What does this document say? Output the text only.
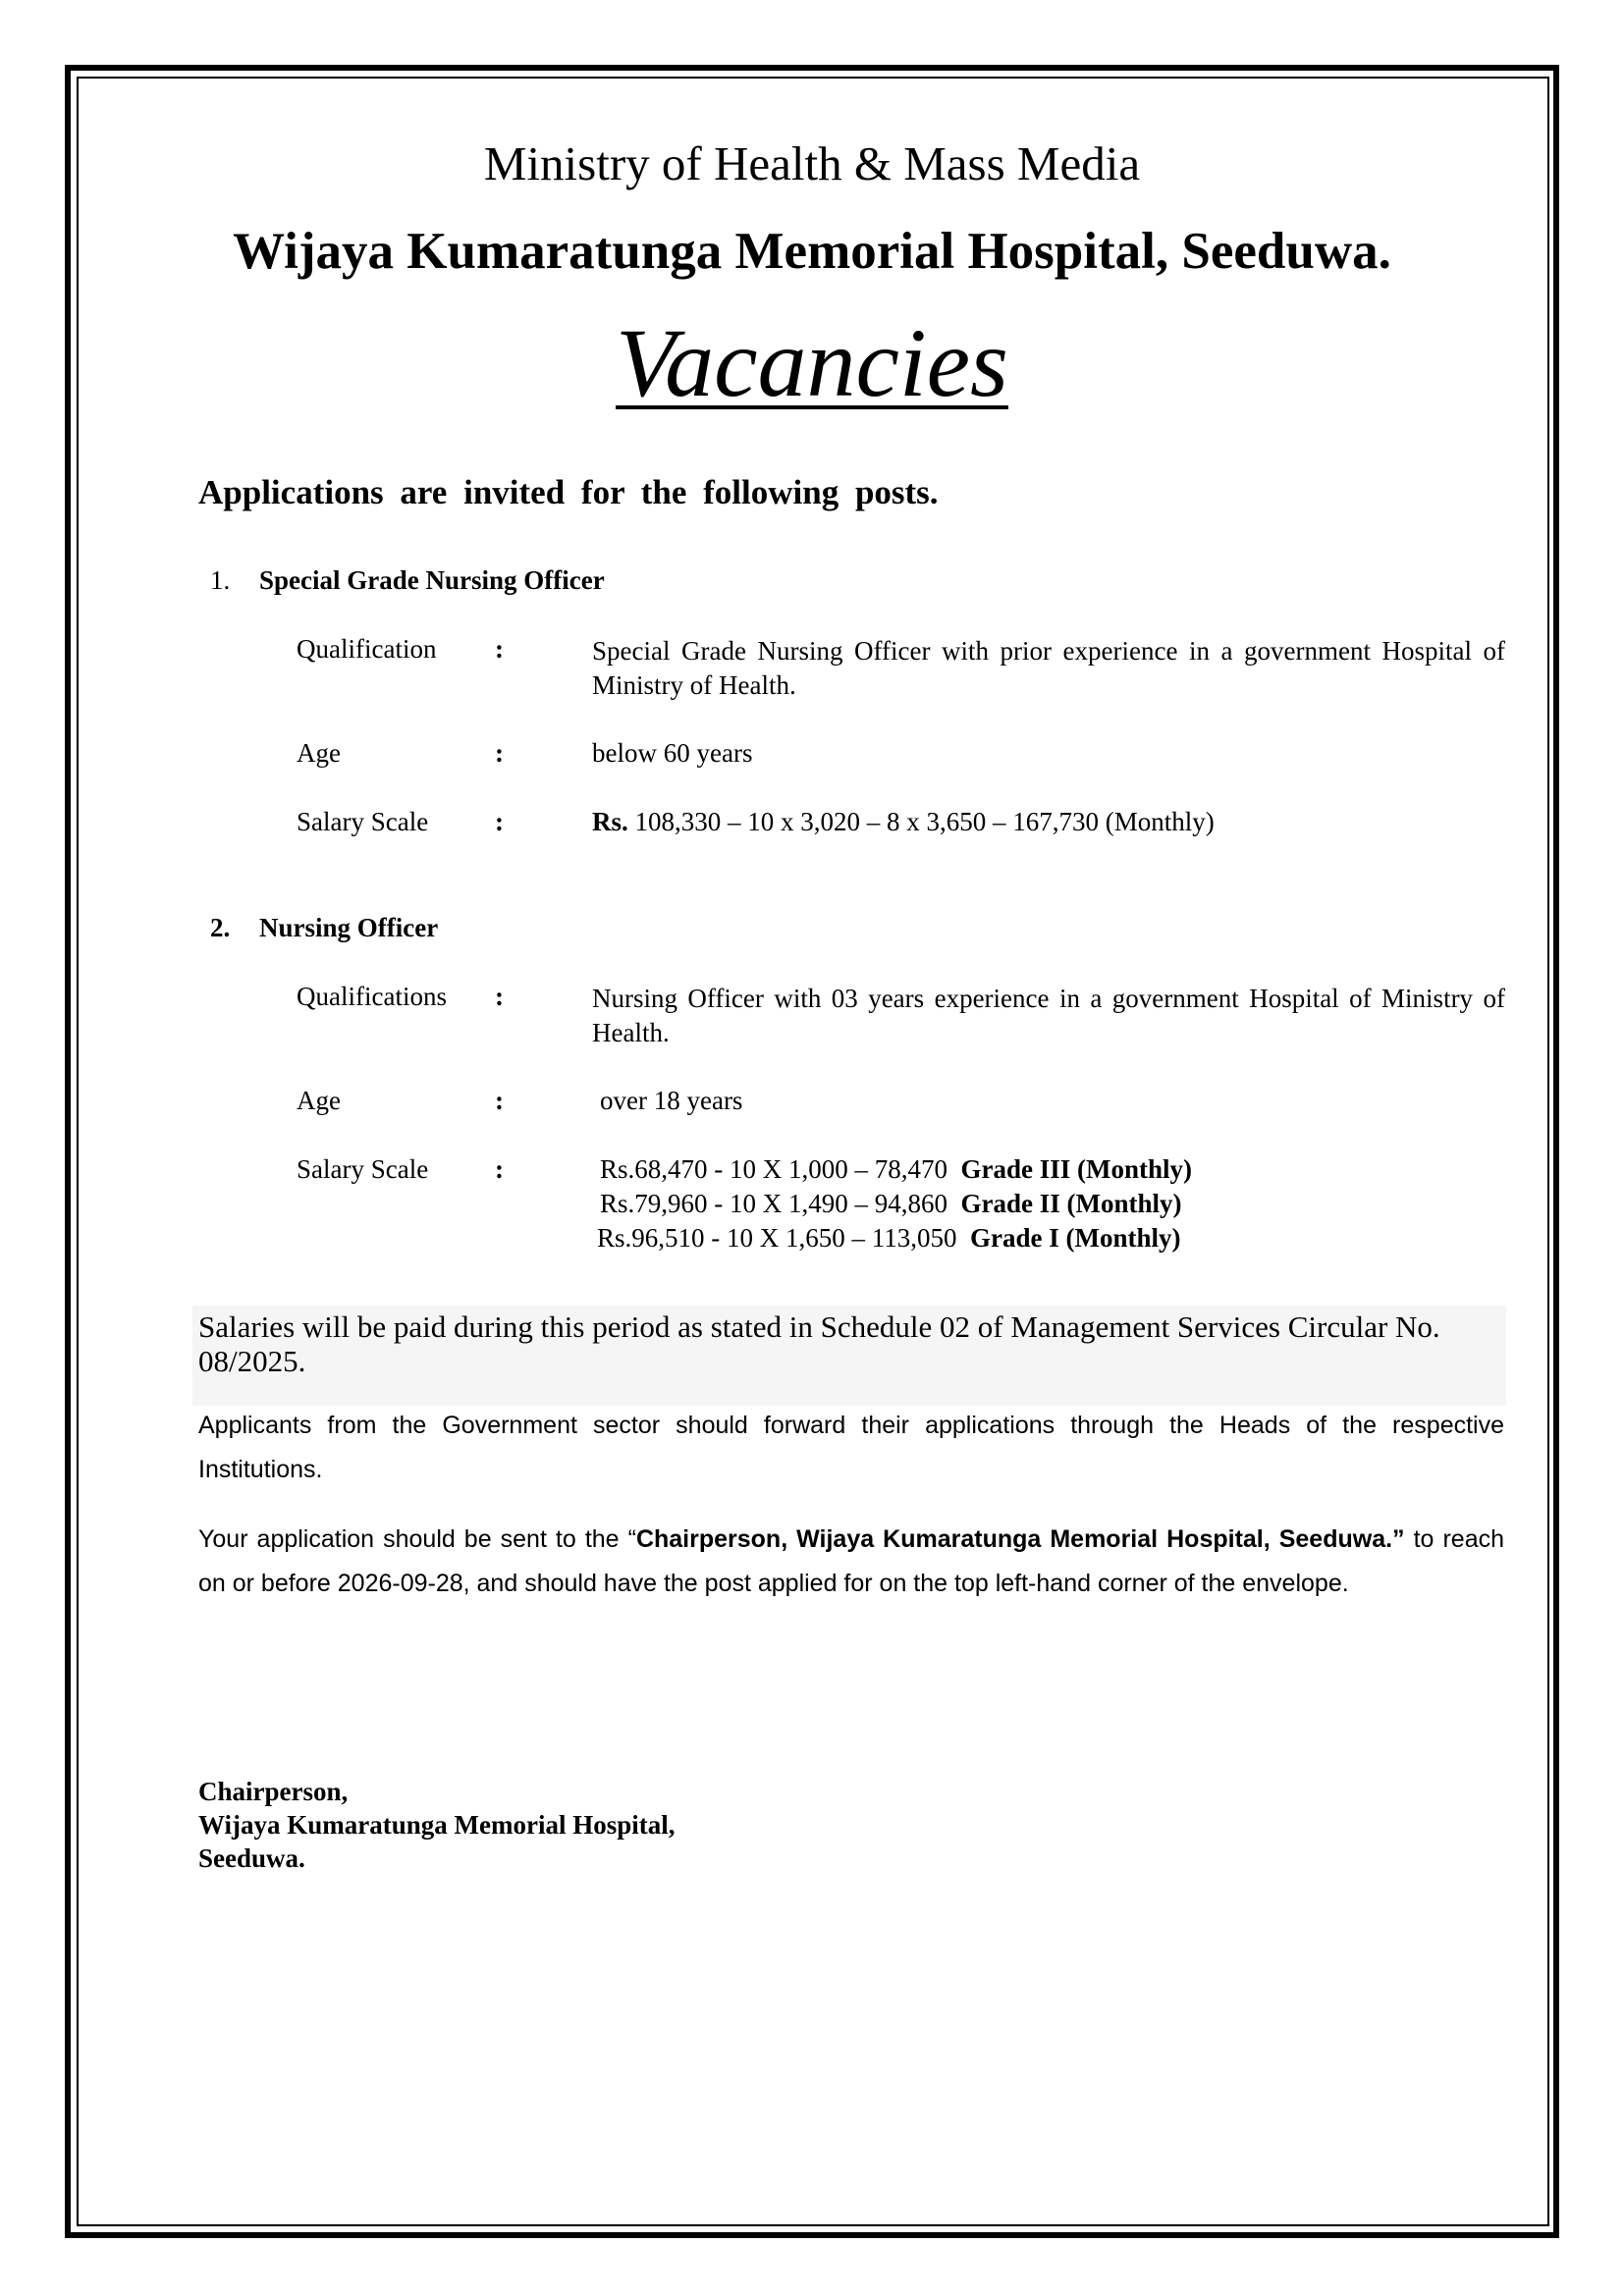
Ministry of Health & Mass Media
Wijaya Kumaratunga Memorial Hospital, Seeduwa.
Vacancies
Applications are invited for the following posts.
1. Special Grade Nursing Officer
Qualification :	Special Grade Nursing Officer with prior experience in a government Hospital of Ministry of Health.
Age	:	below 60 years
Salary Scale	:	Rs. 108,330 – 10 x 3,020 – 8 x 3,650 – 167,730 (Monthly)
2. Nursing Officer
Qualifications :	Nursing Officer with 03 years experience in a government Hospital of Ministry of Health.
Age	:	over 18 years
Salary Scale	:	Rs.68,470 - 10 X 1,000 – 78,470 Grade III (Monthly)
Rs.79,960 - 10 X 1,490 – 94,860 Grade II (Monthly)
Rs.96,510 - 10 X 1,650 – 113,050 Grade I (Monthly)
Salaries will be paid during this period as stated in Schedule 02 of Management Services Circular No. 08/2025.
Applicants from the Government sector should forward their applications through the Heads of the respective Institutions.
Your application should be sent to the “Chairperson, Wijaya Kumaratunga Memorial Hospital, Seeduwa.” to reach on or before 2026-09-28, and should have the post applied for on the top left-hand corner of the envelope.
Chairperson,
Wijaya Kumaratunga Memorial Hospital,
Seeduwa.
